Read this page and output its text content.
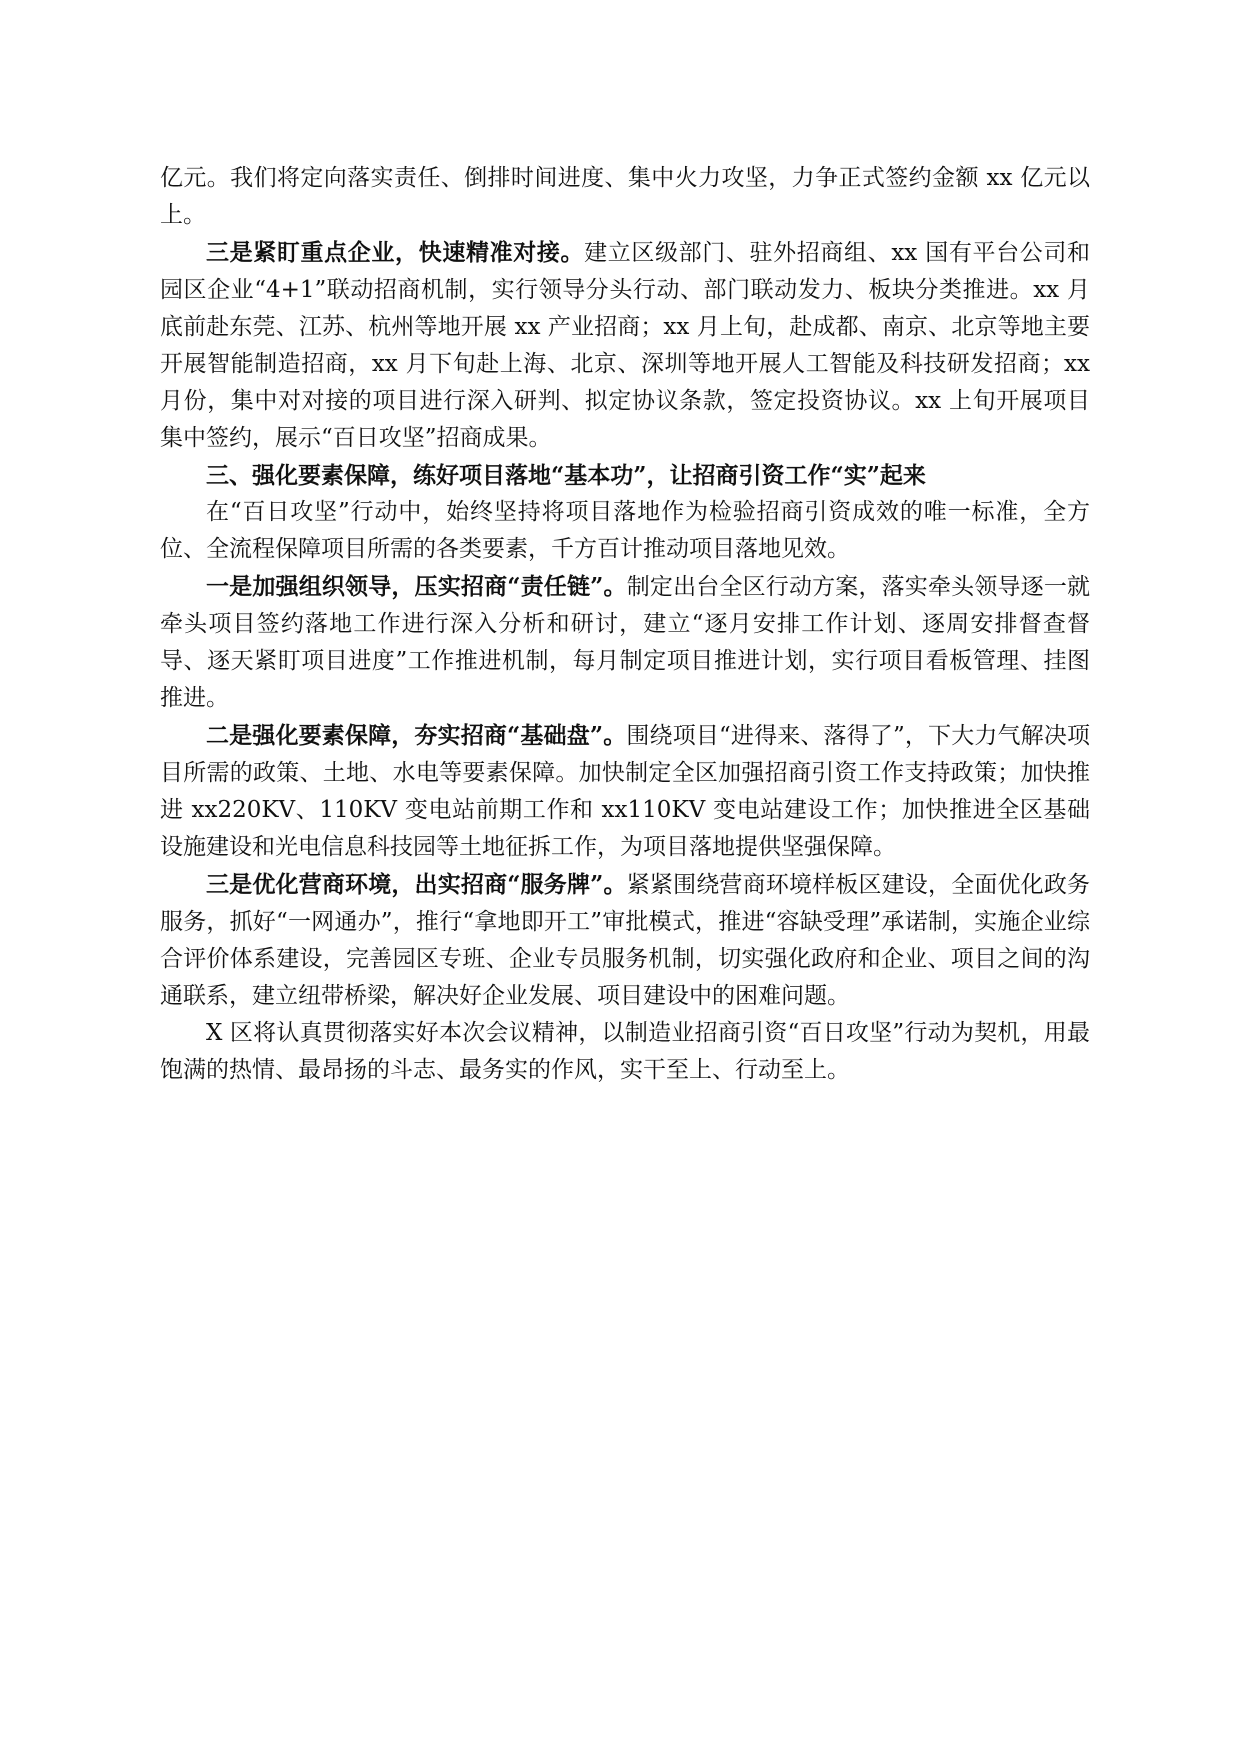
亿元。我们将定向落实责任、倒排时间进度、集中火力攻坚，力争正式签约金额 xx 亿元以上。

三是紧盯重点企业，快速精准对接。建立区级部门、驻外招商组、xx 国有平台公司和园区企业“4+1”联动招商机制，实行领导分头行动、部门联动发力、板块分类推进。xx 月底前赴东莞、江苏、杭州等地开展 xx 产业招商；xx 月上旬，赴成都、南京、北京等地主要开展智能制造招商，xx 月下旬赴上海、北京、深圳等地开展人工智能及科技研发招商；xx 月份，集中对对接的项目进行深入研判、拟定协议条款，签定投资协议。xx 上旬开展项目集中签约，展示“百日攻坚”招商成果。

三、强化要素保障，练好项目落地“基本功”，让招商引资工作“实”起来

在“百日攻坚”行动中，始终坚持将项目落地作为检验招商引资成效的唯一标准，全方位、全流程保障项目所需的各类要素，千方百计推动项目落地见效。

一是加强组织领导，压实招商“责任链”。制定出台全区行动方案，落实牵头领导逐一就牵头项目签约落地工作进行深入分析和研讨，建立“逐月安排工作计划、逐周安排督查督导、逐天紧盯项目进度”工作推进机制，每月制定项目推进计划，实行项目看板管理、挂图推进。

二是强化要素保障，夯实招商“基础盘”。围绕项目“进得来、落得了”，下大力气解决项目所需的政策、土地、水电等要素保障。加快制定全区加强招商引资工作支持政策；加快推进 xx220KV、110KV 变电站前期工作和 xx110KV 变电站建设工作；加快推进全区基础设施建设和光电信息科技园等土地征拆工作，为项目落地提供坚强保障。

三是优化营商环境，出实招商“服务牌”。紧紧围绕营商环境样板区建设，全面优化政务服务，抓好“一网通办”，推行“拿地即开工”审批模式，推进“容缺受理”承诺制，实施企业综合评价体系建设，完善园区专班、企业专员服务机制，切实强化政府和企业、项目之间的沟通联系，建立纽带桥梁，解决好企业发展、项目建设中的困难问题。

X 区将认真贯彻落实好本次会议精神，以制造业招商引资“百日攻坚”行动为契机，用最饱满的热情、最昂扬的斗志、最务实的作风，实干至上、行动至上。
